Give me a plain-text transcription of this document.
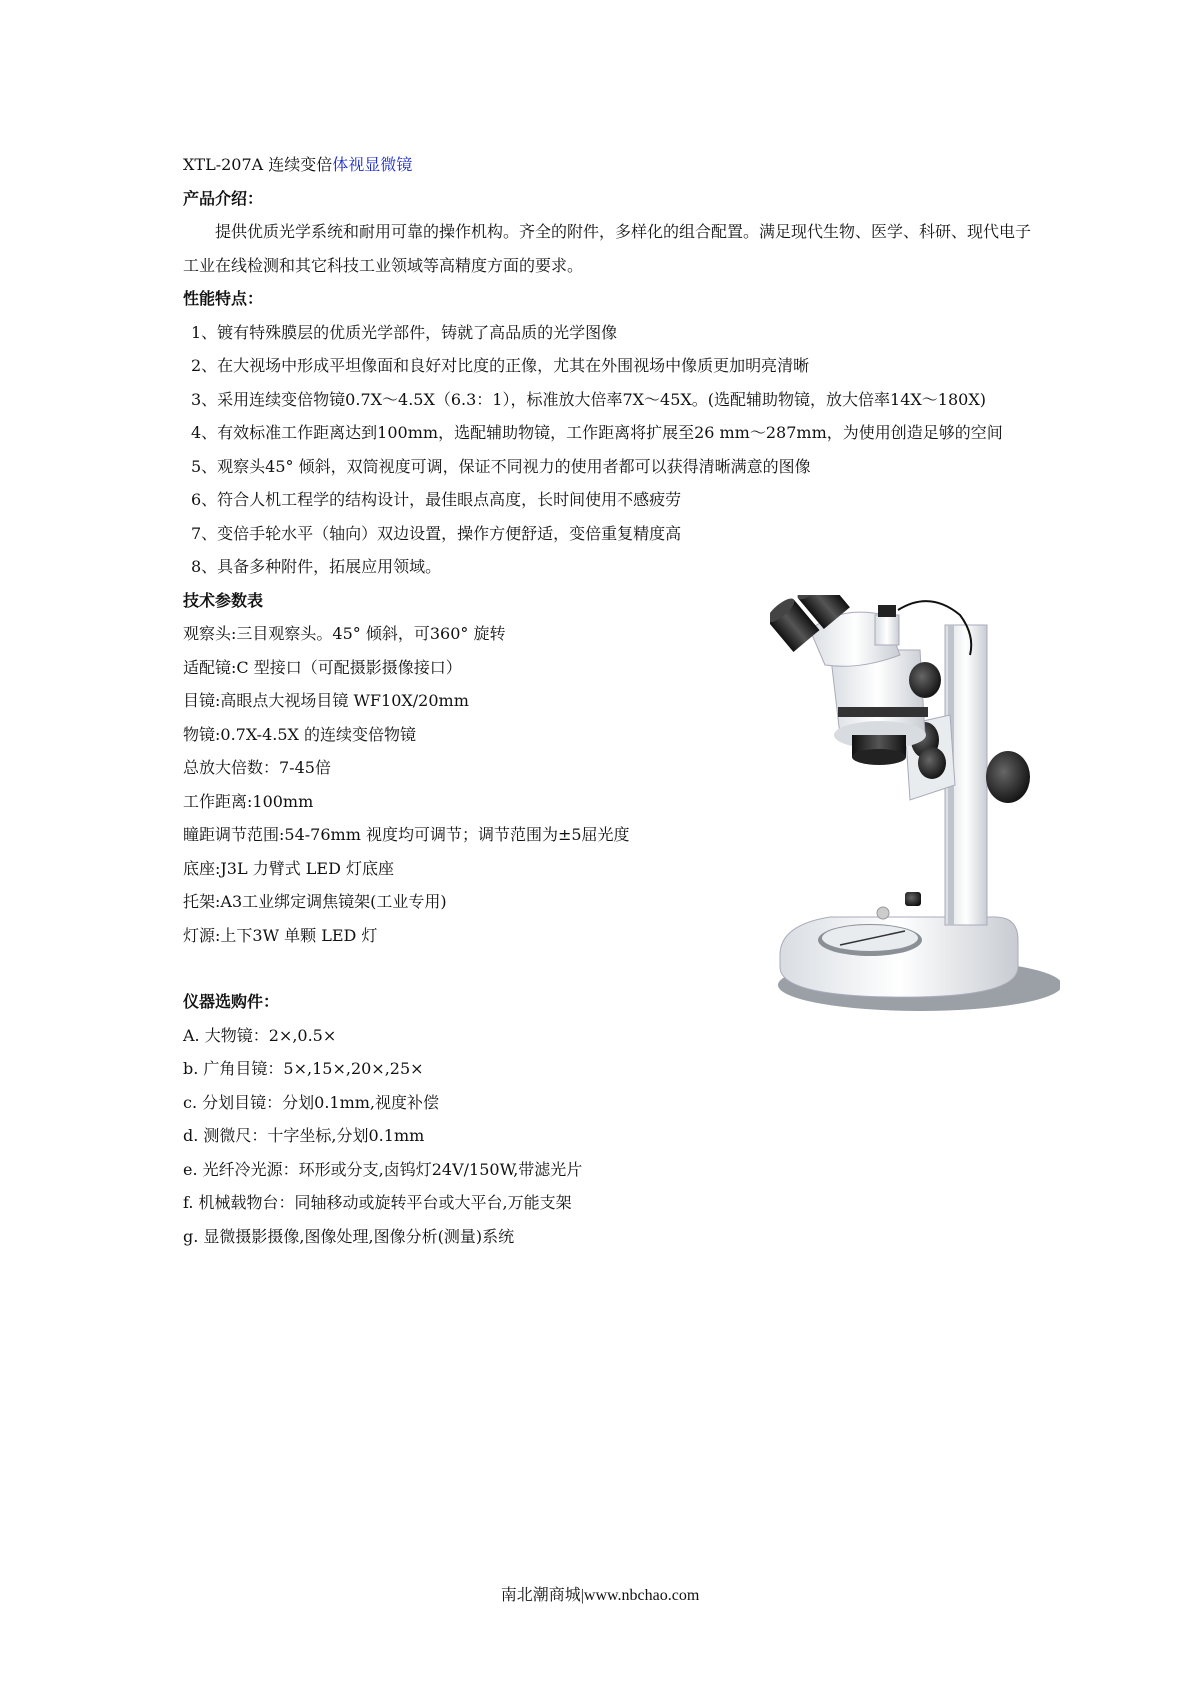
XTL-207A 连续变倍体视显微镜

产品介绍：

提供优质光学系统和耐用可靠的操作机构。齐全的附件，多样化的组合配置。满足现代生物、医学、科研、现代电子工业在线检测和其它科技工业领域等高精度方面的要求。

性能特点：

1、镀有特殊膜层的优质光学部件，铸就了高品质的光学图像

2、在大视场中形成平坦像面和良好对比度的正像，尤其在外围视场中像质更加明亮清晰

3、采用连续变倍物镜0.7X～4.5X（6.3：1），标准放大倍率7X～45X。(选配辅助物镜，放大倍率14X～180X)

4、有效标准工作距离达到100mm，选配辅助物镜，工作距离将扩展至26 mm～287mm，为使用创造足够的空间

5、观察头45° 倾斜，双筒视度可调，保证不同视力的使用者都可以获得清晰满意的图像

6、符合人机工程学的结构设计，最佳眼点高度，长时间使用不感疲劳

7、变倍手轮水平（轴向）双边设置，操作方便舒适，变倍重复精度高

8、具备多种附件，拓展应用领域。

技术参数表

观察头:三目观察头。45° 倾斜，可360° 旋转

适配镜:C 型接口（可配摄影摄像接口）

目镜:高眼点大视场目镜 WF10X/20mm

物镜:0.7X-4.5X 的连续变倍物镜

总放大倍数：7-45倍

工作距离:100mm

瞳距调节范围:54-76mm 视度均可调节；调节范围为±5屈光度

底座:J3L 力臂式 LED 灯底座

托架:A3工业绑定调焦镜架(工业专用)

灯源:上下3W 单颗 LED 灯

仪器选购件：

A. 大物镜：2×,0.5×

b. 广角目镜：5×,15×,20×,25×

c. 分划目镜：分划0.1mm,视度补偿

d. 测微尺：十字坐标,分划0.1mm

e. 光纤冷光源：环形或分支,卤钨灯24V/150W,带滤光片

f. 机械载物台：同轴移动或旋转平台或大平台,万能支架

g. 显微摄影摄像,图像处理,图像分析(测量)系统

南北潮商城|www.nbchao.com
